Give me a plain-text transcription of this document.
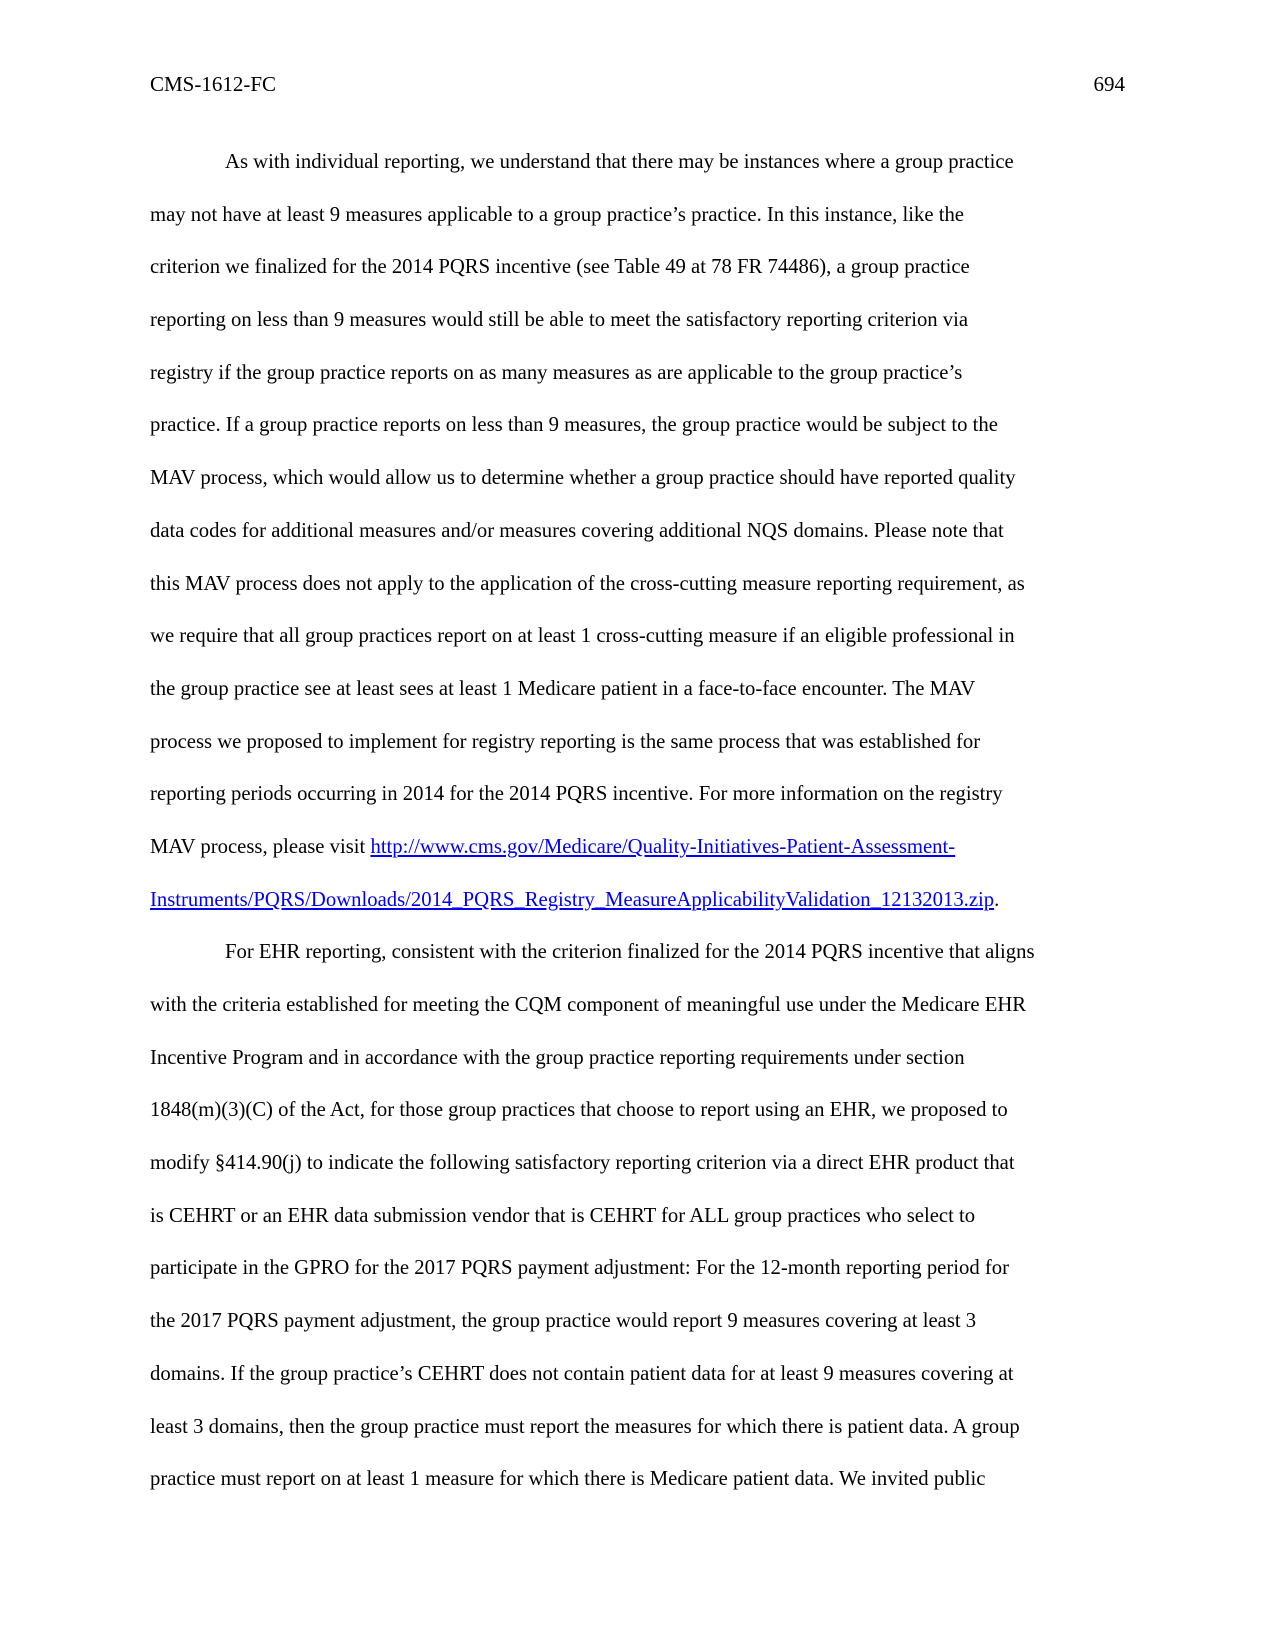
CMS-1612-FC	694
As with individual reporting, we understand that there may be instances where a group practice
may not have at least 9 measures applicable to a group practice’s practice. In this instance, like the
criterion we finalized for the 2014 PQRS incentive (see Table 49 at 78 FR 74486), a group practice
reporting on less than 9 measures would still be able to meet the satisfactory reporting criterion via
registry if the group practice reports on as many measures as are applicable to the group practice’s
practice. If a group practice reports on less than 9 measures, the group practice would be subject to the
MAV process, which would allow us to determine whether a group practice should have reported quality
data codes for additional measures and/or measures covering additional NQS domains. Please note that
this MAV process does not apply to the application of the cross-cutting measure reporting requirement, as
we require that all group practices report on at least 1 cross-cutting measure if an eligible professional in
the group practice see at least sees at least 1 Medicare patient in a face-to-face encounter. The MAV
process we proposed to implement for registry reporting is the same process that was established for
reporting periods occurring in 2014 for the 2014 PQRS incentive. For more information on the registry
MAV process, please visit http://www.cms.gov/Medicare/Quality-Initiatives-Patient-Assessment-
Instruments/PQRS/Downloads/2014_PQRS_Registry_MeasureApplicabilityValidation_12132013.zip.
For EHR reporting, consistent with the criterion finalized for the 2014 PQRS incentive that aligns
with the criteria established for meeting the CQM component of meaningful use under the Medicare EHR
Incentive Program and in accordance with the group practice reporting requirements under section
1848(m)(3)(C) of the Act, for those group practices that choose to report using an EHR, we proposed to
modify §414.90(j) to indicate the following satisfactory reporting criterion via a direct EHR product that
is CEHRT or an EHR data submission vendor that is CEHRT for ALL group practices who select to
participate in the GPRO for the 2017 PQRS payment adjustment: For the 12-month reporting period for
the 2017 PQRS payment adjustment, the group practice would report 9 measures covering at least 3
domains. If the group practice’s CEHRT does not contain patient data for at least 9 measures covering at
least 3 domains, then the group practice must report the measures for which there is patient data. A group
practice must report on at least 1 measure for which there is Medicare patient data. We invited public
